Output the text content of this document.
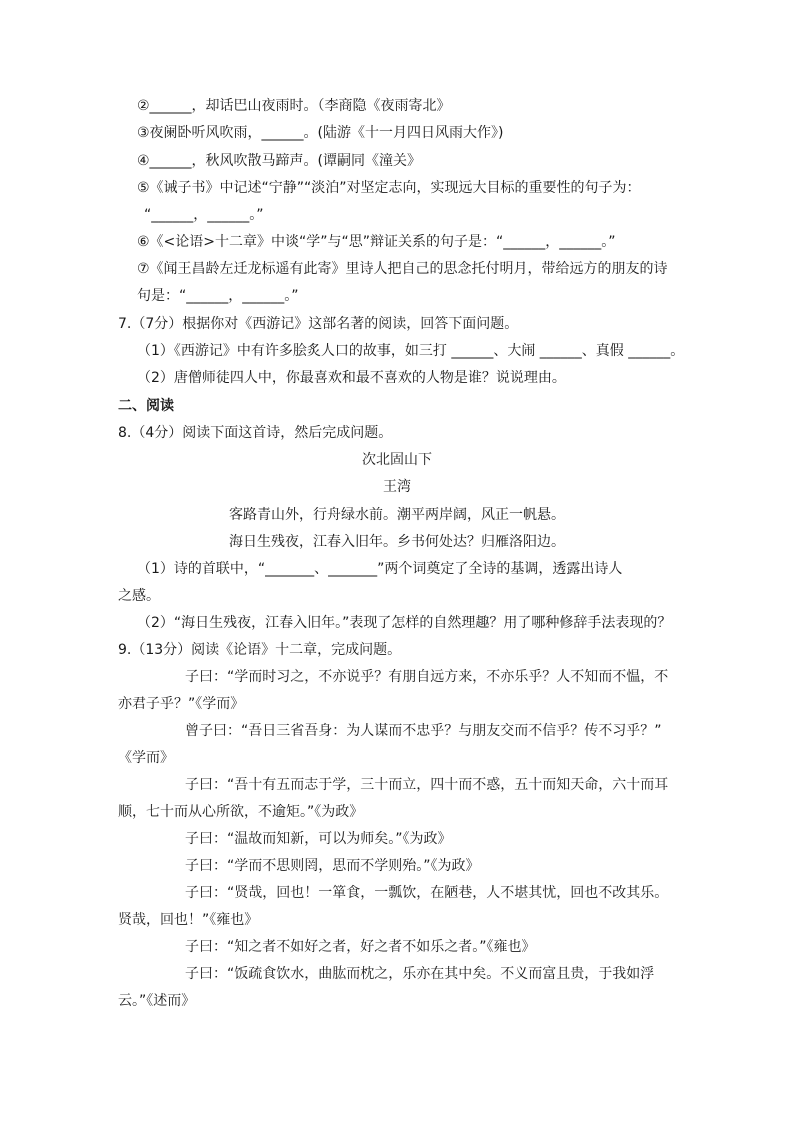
②______，却话巴山夜雨时。（李商隐《夜雨寄北》
③夜阑卧听风吹雨，______。(陆游《十一月四日风雨大作》)
④______，秋风吹散马蹄声。(谭嗣同《潼关》
⑤《诫子书》中记述“宁静”“淡泊”对坚定志向，实现远大目标的重要性的句子为：
“______，______。”
⑥《<论语>十二章》中谈“学”与“思”辩证关系的句子是：“______，______。”
⑦《闻王昌龄左迁龙标遥有此寄》里诗人把自己的思念托付明月，带给远方的朋友的诗
句是：“______，______。”
7.（7分）根据你对《西游记》这部名著的阅读，回答下面问题。
（1）《西游记》中有许多脍炙人口的故事，如三打 ______、大闹 ______、真假 ______。
（2）唐僧师徒四人中，你最喜欢和最不喜欢的人物是谁？说说理由。
二、阅读
8.（4分）阅读下面这首诗，然后完成问题。
次北固山下
王湾
客路青山外，行舟绿水前。潮平两岸阔，风正一帆悬。
海日生残夜，江春入旧年。乡书何处达？归雁洛阳边。
（1）诗的首联中，“_______、_______”两个词奠定了全诗的基调，透露出诗人
之感。
（2）“海日生残夜，江春入旧年。”表现了怎样的自然理趣？用了哪种修辞手法表现的？
9.（13分）阅读《论语》十二章，完成问题。
子曰：“学而时习之，不亦说乎？有朋自远方来，不亦乐乎？人不知而不愠，不
亦君子乎？”《学而》
曾子曰：“吾日三省吾身：为人谋而不忠乎？与朋友交而不信乎？传不习乎？”
《学而》
子曰：“吾十有五而志于学，三十而立，四十而不惑，五十而知天命，六十而耳
顺，七十而从心所欲，不逾矩。”《为政》
子曰：“温故而知新，可以为师矣。”《为政》
子曰：“学而不思则罔，思而不学则殆。”《为政》
子曰：“贤哉，回也！一箪食，一瓢饮，在陋巷，人不堪其忧，回也不改其乐。
贤哉，回也！”《雍也》
子曰：“知之者不如好之者，好之者不如乐之者。”《雍也》
子曰：“饭疏食饮水，曲肱而枕之，乐亦在其中矣。不义而富且贵，于我如浮
云。”《述而》
